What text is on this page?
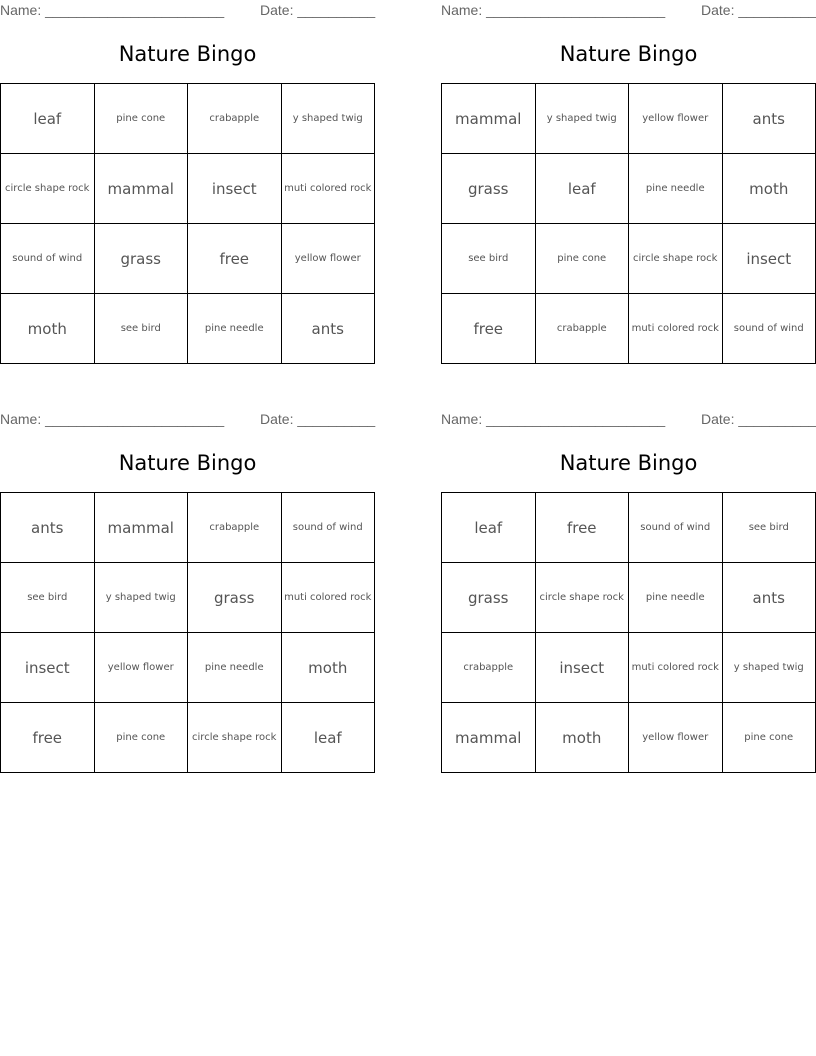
Name: _______________________	Date: __________
Nature Bingo
leaf	pine cone	crabapple	y shaped twig
circle shape rock	mammal	insect	muti colored rock
sound of wind	grass	free	yellow flower
moth	see bird	pine needle	ants
Name: _______________________	Date: __________
Nature Bingo
mammal	y shaped twig	yellow flower	ants
grass	leaf	pine needle	moth
see bird	pine cone	circle shape rock	insect
free	crabapple	muti colored rock	sound of wind
Name: _______________________	Date: __________
Nature Bingo
ants	mammal	crabapple	sound of wind
see bird	y shaped twig	grass	muti colored rock
insect	yellow flower	pine needle	moth
free	pine cone	circle shape rock	leaf
Name: _______________________	Date: __________
Nature Bingo
leaf	free	sound of wind	see bird
grass	circle shape rock	pine needle	ants
crabapple	insect	muti colored rock	y shaped twig
mammal	moth	yellow flower	pine cone
